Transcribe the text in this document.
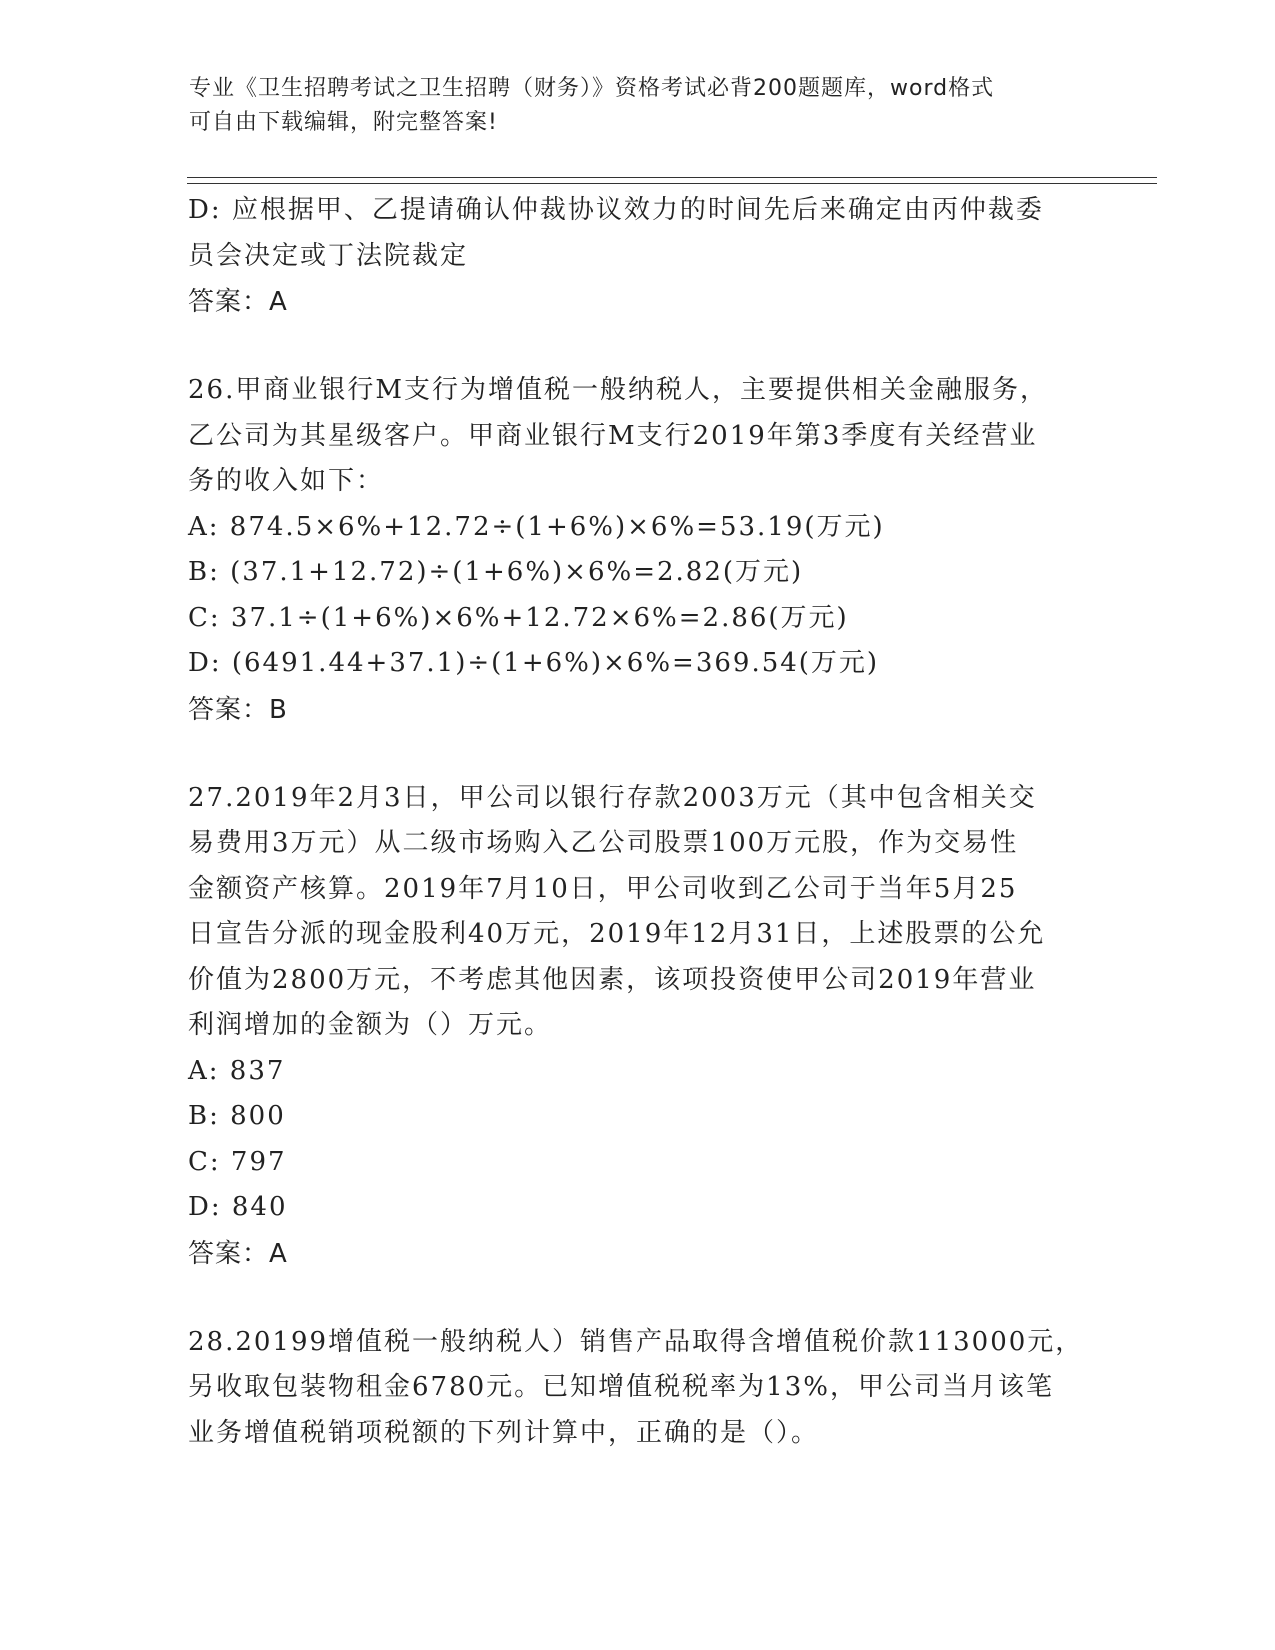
专业《卫生招聘考试之卫生招聘（财务）》资格考试必背200题题库，word格式
可自由下载编辑，附完整答案!
D: 应根据甲、乙提请确认仲裁协议效力的时间先后来确定由丙仲裁委
员会决定或丁法院裁定
答案：A
26.甲商业银行M支行为增值税一般纳税人，主要提供相关金融服务，
乙公司为其星级客户。甲商业银行M支行2019年第3季度有关经营业
务的收入如下：
A: 874.5×6%+12.72÷(1+6%)×6%=53.19(万元)
B: (37.1+12.72)÷(1+6%)×6%=2.82(万元)
C: 37.1÷(1+6%)×6%+12.72×6%=2.86(万元)
D: (6491.44+37.1)÷(1+6%)×6%=369.54(万元)
答案：B
27.2019年2月3日，甲公司以银行存款2003万元（其中包含相关交
易费用3万元）从二级市场购入乙公司股票100万元股，作为交易性
金额资产核算。2019年7月10日，甲公司收到乙公司于当年5月25
日宣告分派的现金股利40万元，2019年12月31日，上述股票的公允
价值为2800万元，不考虑其他因素，该项投资使甲公司2019年营业
利润增加的金额为（）万元。
A: 837
B: 800
C: 797
D: 840
答案：A
28.20199增值税一般纳税人）销售产品取得含增值税价款113000元，
另收取包装物租金6780元。已知增值税税率为13%，甲公司当月该笔
业务增值税销项税额的下列计算中，正确的是（）。
